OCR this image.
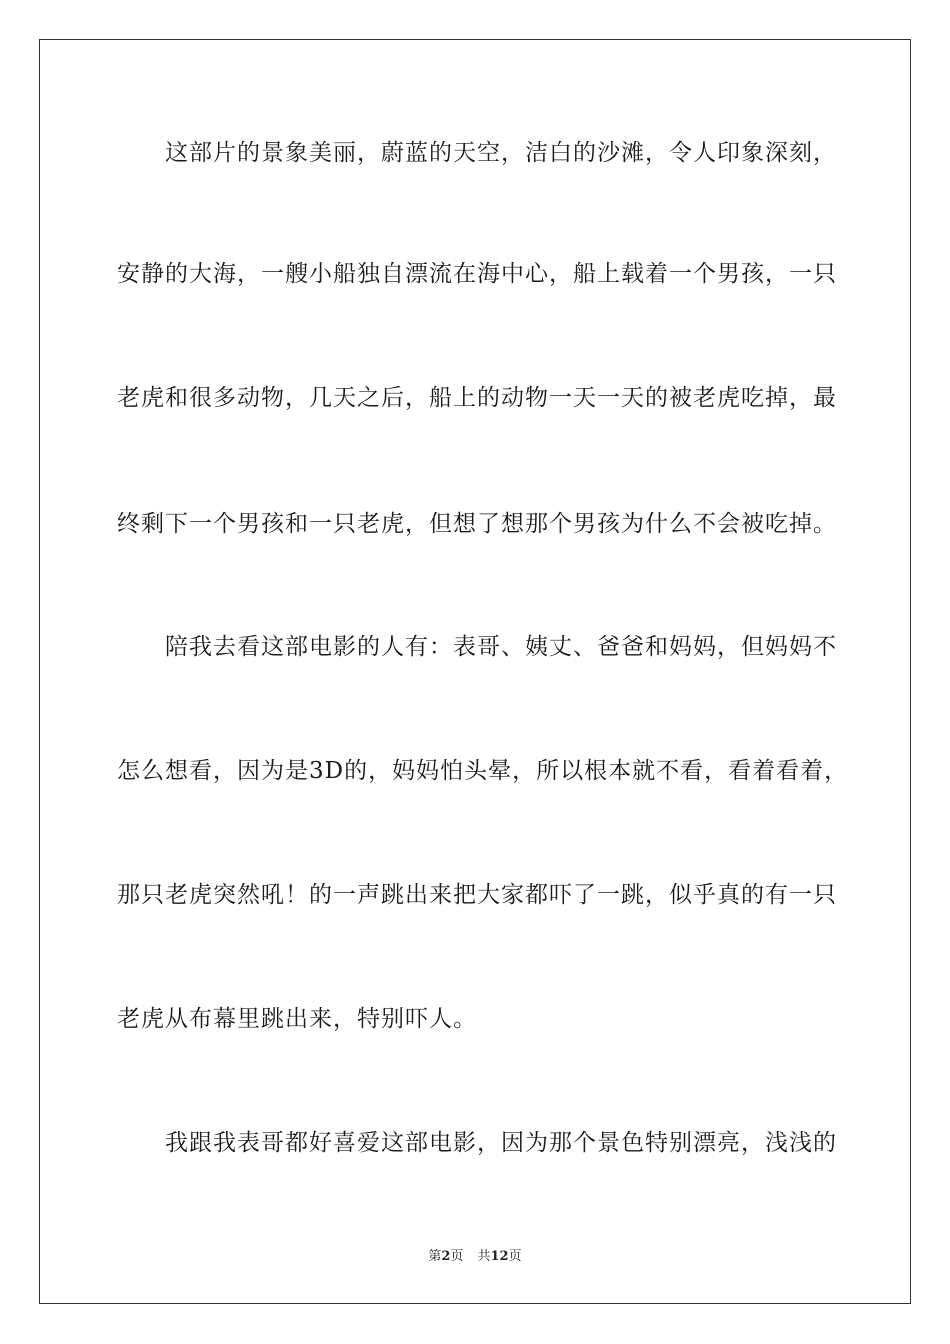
　　这部片的景象美丽，蔚蓝的天空，洁白的沙滩，令人印象深刻，

安静的大海，一艘小船独自漂流在海中心，船上载着一个男孩，一只

老虎和很多动物，几天之后，船上的动物一天一天的被老虎吃掉，最

终剩下一个男孩和一只老虎，但想了想那个男孩为什么不会被吃掉。

　　陪我去看这部电影的人有：表哥、姨丈、爸爸和妈妈，但妈妈不

怎么想看，因为是3D的，妈妈怕头晕，所以根本就不看，看着看着，

那只老虎突然吼！的一声跳出来把大家都吓了一跳，似乎真的有一只

老虎从布幕里跳出来，特别吓人。

　　我跟我表哥都好喜爱这部电影，因为那个景色特别漂亮，浅浅的

第2页 共12页
